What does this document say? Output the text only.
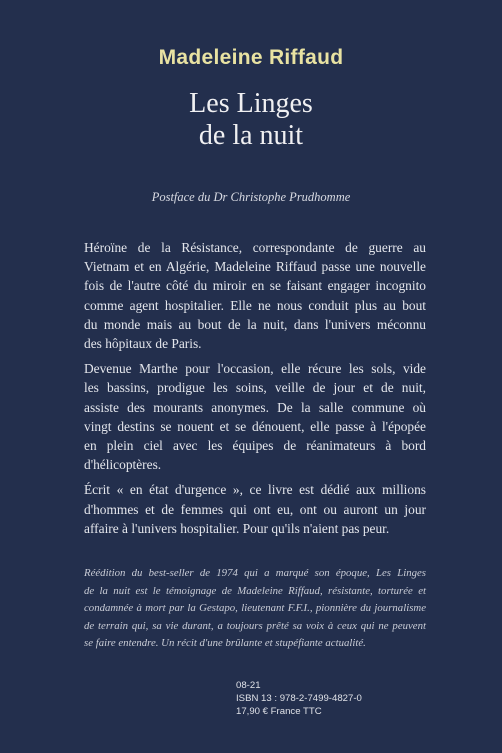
Madeleine Riffaud
Les Linges
de la nuit
Postface du Dr Christophe Prudhomme

Héroïne de la Résistance, correspondante de guerre au
Vietnam et en Algérie, Madeleine Riffaud passe une nouvelle
fois de l'autre côté du miroir en se faisant engager incognito
comme agent hospitalier. Elle ne nous conduit plus au bout
du monde mais au bout de la nuit, dans l'univers méconnu
des hôpitaux de Paris.

Devenue Marthe pour l'occasion, elle récure les sols, vide
les bassins, prodigue les soins, veille de jour et de nuit,
assiste des mourants anonymes. De la salle commune où
vingt destins se nouent et se dénouent, elle passe à l'épopée
en plein ciel avec les équipes de réanimateurs à bord
d'hélicoptères.

Écrit « en état d'urgence », ce livre est dédié aux millions
d'hommes et de femmes qui ont eu, ont ou auront un jour
affaire à l'univers hospitalier. Pour qu'ils n'aient pas peur.

Réédition du best-seller de 1974 qui a marqué son époque, Les Linges
de la nuit est le témoignage de Madeleine Riffaud, résistante, torturée et
condamnée à mort par la Gestapo, lieutenant F.F.I., pionnière du journalisme
de terrain qui, sa vie durant, a toujours prêté sa voix à ceux qui ne peuvent
se faire entendre. Un récit d'une brûlante et stupéfiante actualité.
08-21
ISBN 13 : 978-2-7499-4827-0
17,90 € France TTC
